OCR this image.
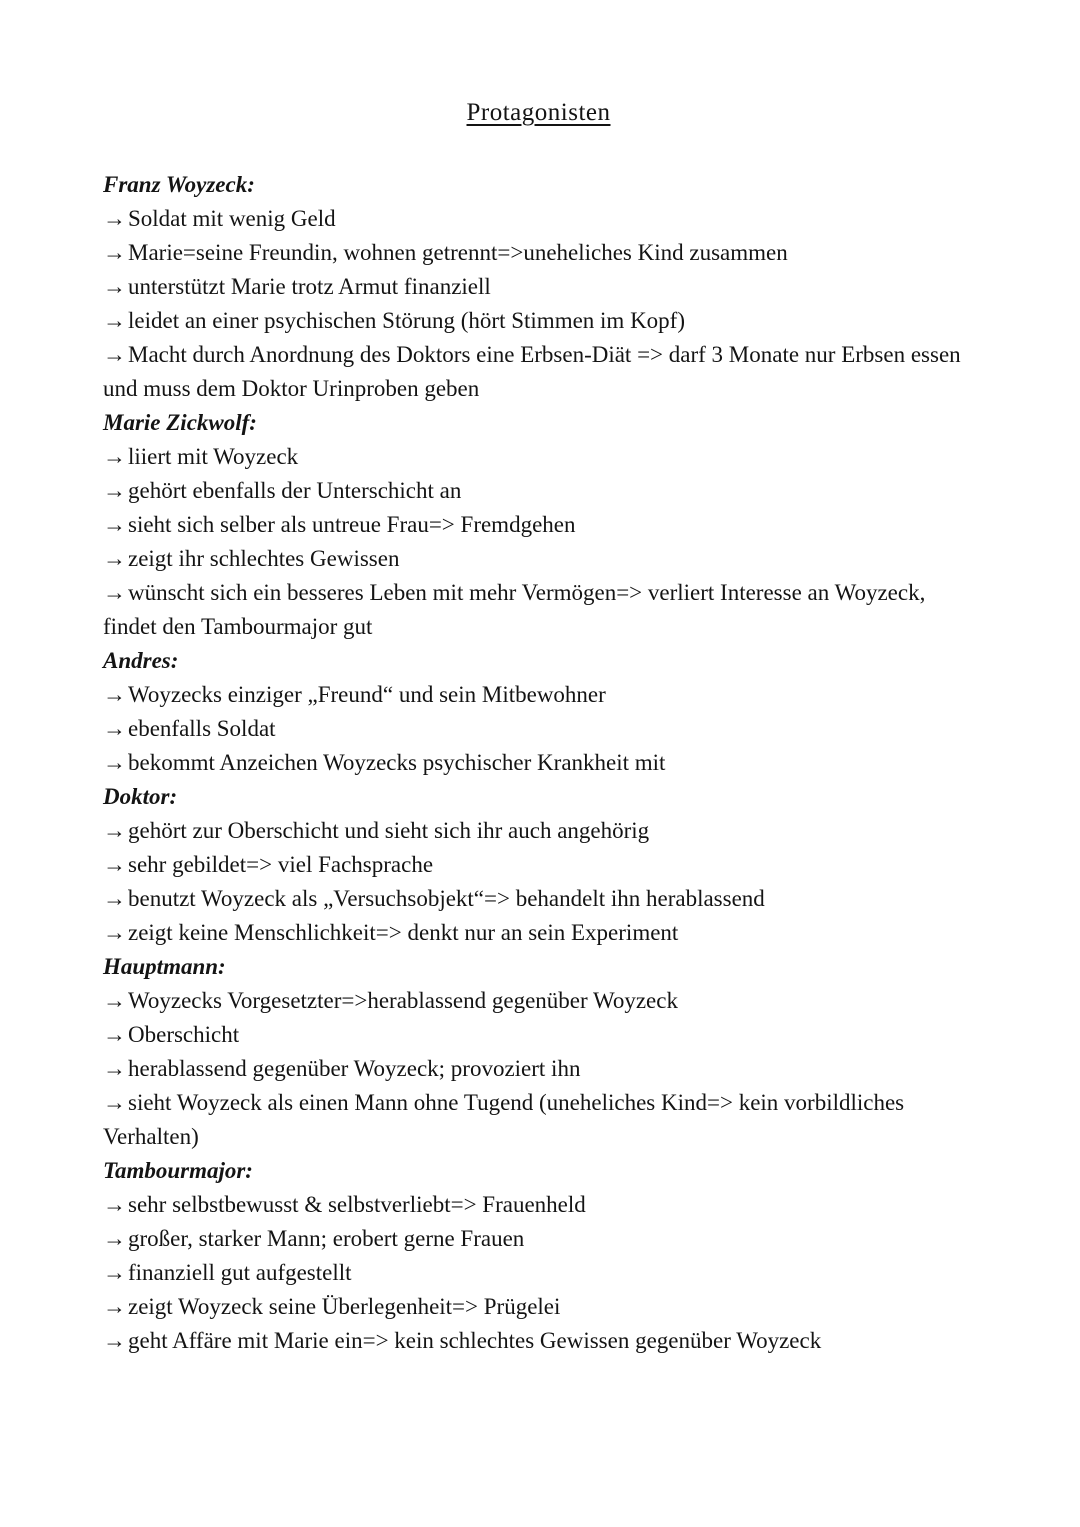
Protagonisten

Franz Woyzeck:

→Soldat mit wenig Geld

→Marie=seine Freundin, wohnen getrennt=>uneheliches Kind zusammen

→unterstützt Marie trotz Armut finanziell

→leidet an einer psychischen Störung (hört Stimmen im Kopf)

→Macht durch Anordnung des Doktors eine Erbsen-Diät => darf 3 Monate nur Erbsen essen und muss dem Doktor Urinproben geben

Marie Zickwolf:

→liiert mit Woyzeck

→gehört ebenfalls der Unterschicht an

→sieht sich selber als untreue Frau=> Fremdgehen

→zeigt ihr schlechtes Gewissen

→wünscht sich ein besseres Leben mit mehr Vermögen=> verliert Interesse an Woyzeck, findet den Tambourmajor gut

Andres:

→Woyzecks einziger „Freund“ und sein Mitbewohner

→ebenfalls Soldat

→bekommt Anzeichen Woyzecks psychischer Krankheit mit

Doktor:

→gehört zur Oberschicht und sieht sich ihr auch angehörig

→sehr gebildet=> viel Fachsprache

→benutzt Woyzeck als „Versuchsobjekt“=> behandelt ihn herablassend

→zeigt keine Menschlichkeit=> denkt nur an sein Experiment

Hauptmann:

→Woyzecks Vorgesetzter=>herablassend gegenüber Woyzeck

→Oberschicht

→herablassend gegenüber Woyzeck; provoziert ihn

→sieht Woyzeck als einen Mann ohne Tugend (uneheliches Kind=> kein vorbildliches Verhalten)

Tambourmajor:

→sehr selbstbewusst & selbstverliebt=> Frauenheld

→großer, starker Mann; erobert gerne Frauen

→finanziell gut aufgestellt

→zeigt Woyzeck seine Überlegenheit=> Prügelei

→geht Affäre mit Marie ein=> kein schlechtes Gewissen gegenüber Woyzeck
